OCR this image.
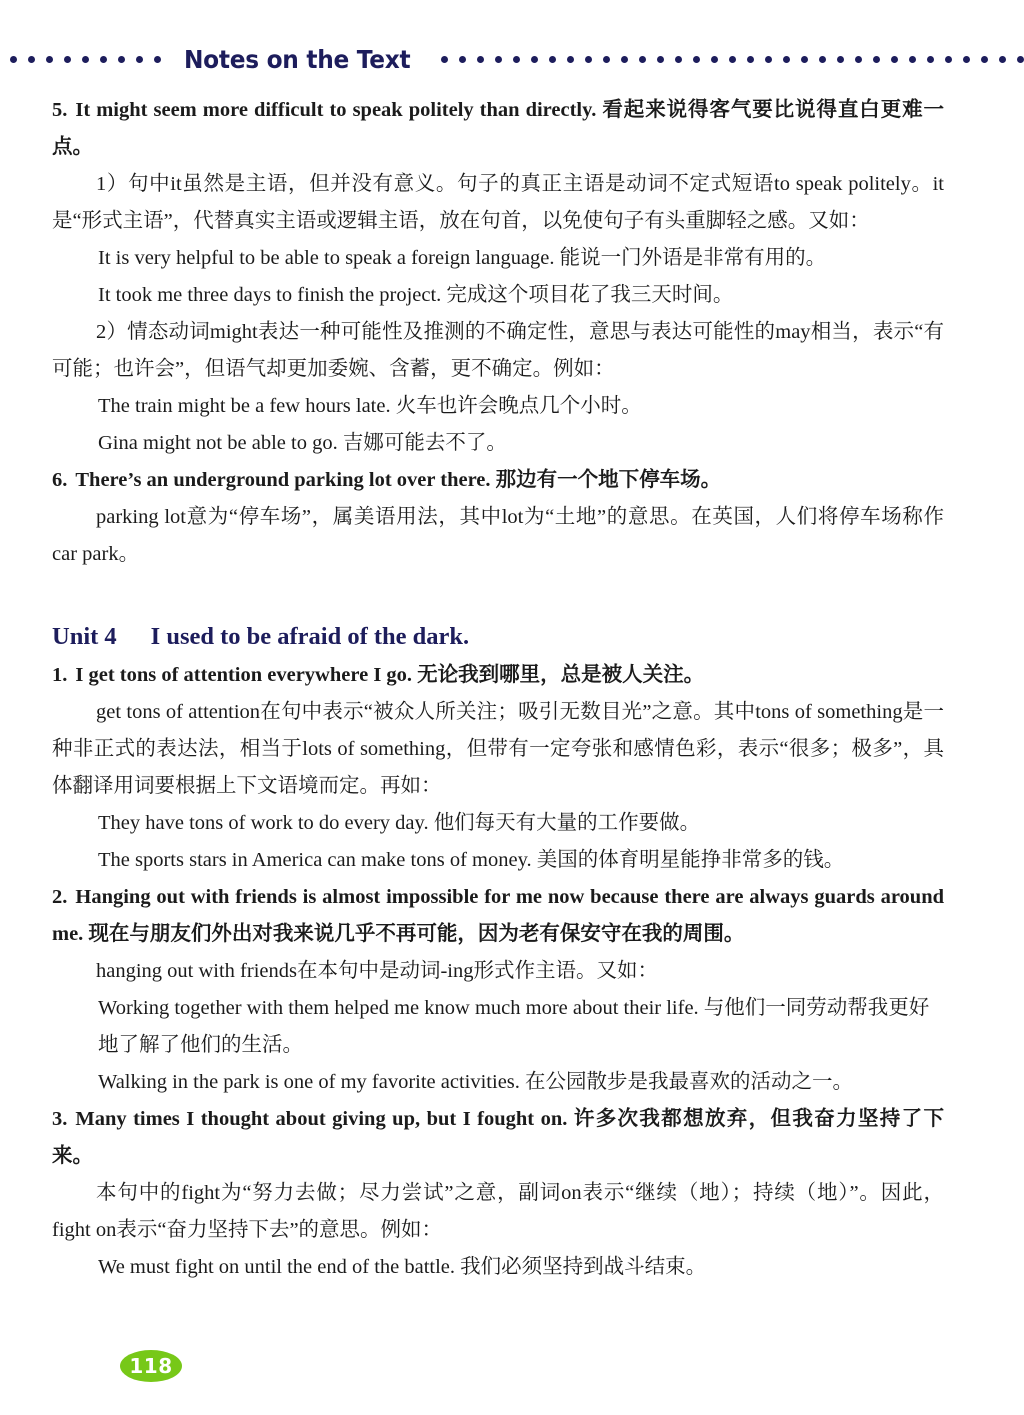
Notes on the Text

5. It might seem more difficult to speak politely than directly. 看起来说得客气要比说得直白更难一点。

1）句中it虽然是主语，但并没有意义。句子的真正主语是动词不定式短语to speak politely。it是“形式主语”，代替真实主语或逻辑主语，放在句首，以免使句子有头重脚轻之感。又如：

It is very helpful to be able to speak a foreign language. 能说一门外语是非常有用的。

It took me three days to finish the project. 完成这个项目花了我三天时间。

2）情态动词might表达一种可能性及推测的不确定性，意思与表达可能性的may相当，表示“有可能；也许会”，但语气却更加委婉、含蓄，更不确定。例如：

The train might be a few hours late. 火车也许会晚点几个小时。

Gina might not be able to go. 吉娜可能去不了。

6. There’s an underground parking lot over there. 那边有一个地下停车场。

parking lot意为“停车场”，属美语用法，其中lot为“土地”的意思。在英国，人们将停车场称作car park。

Unit 4 I used to be afraid of the dark.

1. I get tons of attention everywhere I go. 无论我到哪里，总是被人关注。

get tons of attention在句中表示“被众人所关注；吸引无数目光”之意。其中tons of something是一种非正式的表达法，相当于lots of something，但带有一定夸张和感情色彩，表示“很多；极多”，具体翻译用词要根据上下文语境而定。再如：

They have tons of work to do every day. 他们每天有大量的工作要做。

The sports stars in America can make tons of money. 美国的体育明星能挣非常多的钱。

2. Hanging out with friends is almost impossible for me now because there are always guards around me. 现在与朋友们外出对我来说几乎不再可能，因为老有保安守在我的周围。

hanging out with friends在本句中是动词-ing形式作主语。又如：

Working together with them helped me know much more about their life. 与他们一同劳动帮我更好地了解了他们的生活。

Walking in the park is one of my favorite activities. 在公园散步是我最喜欢的活动之一。

3. Many times I thought about giving up, but I fought on. 许多次我都想放弃，但我奋力坚持了下来。

本句中的fight为“努力去做；尽力尝试”之意，副词on表示“继续（地）；持续（地）”。因此，fight on表示“奋力坚持下去”的意思。例如：

We must fight on until the end of the battle. 我们必须坚持到战斗结束。

118
